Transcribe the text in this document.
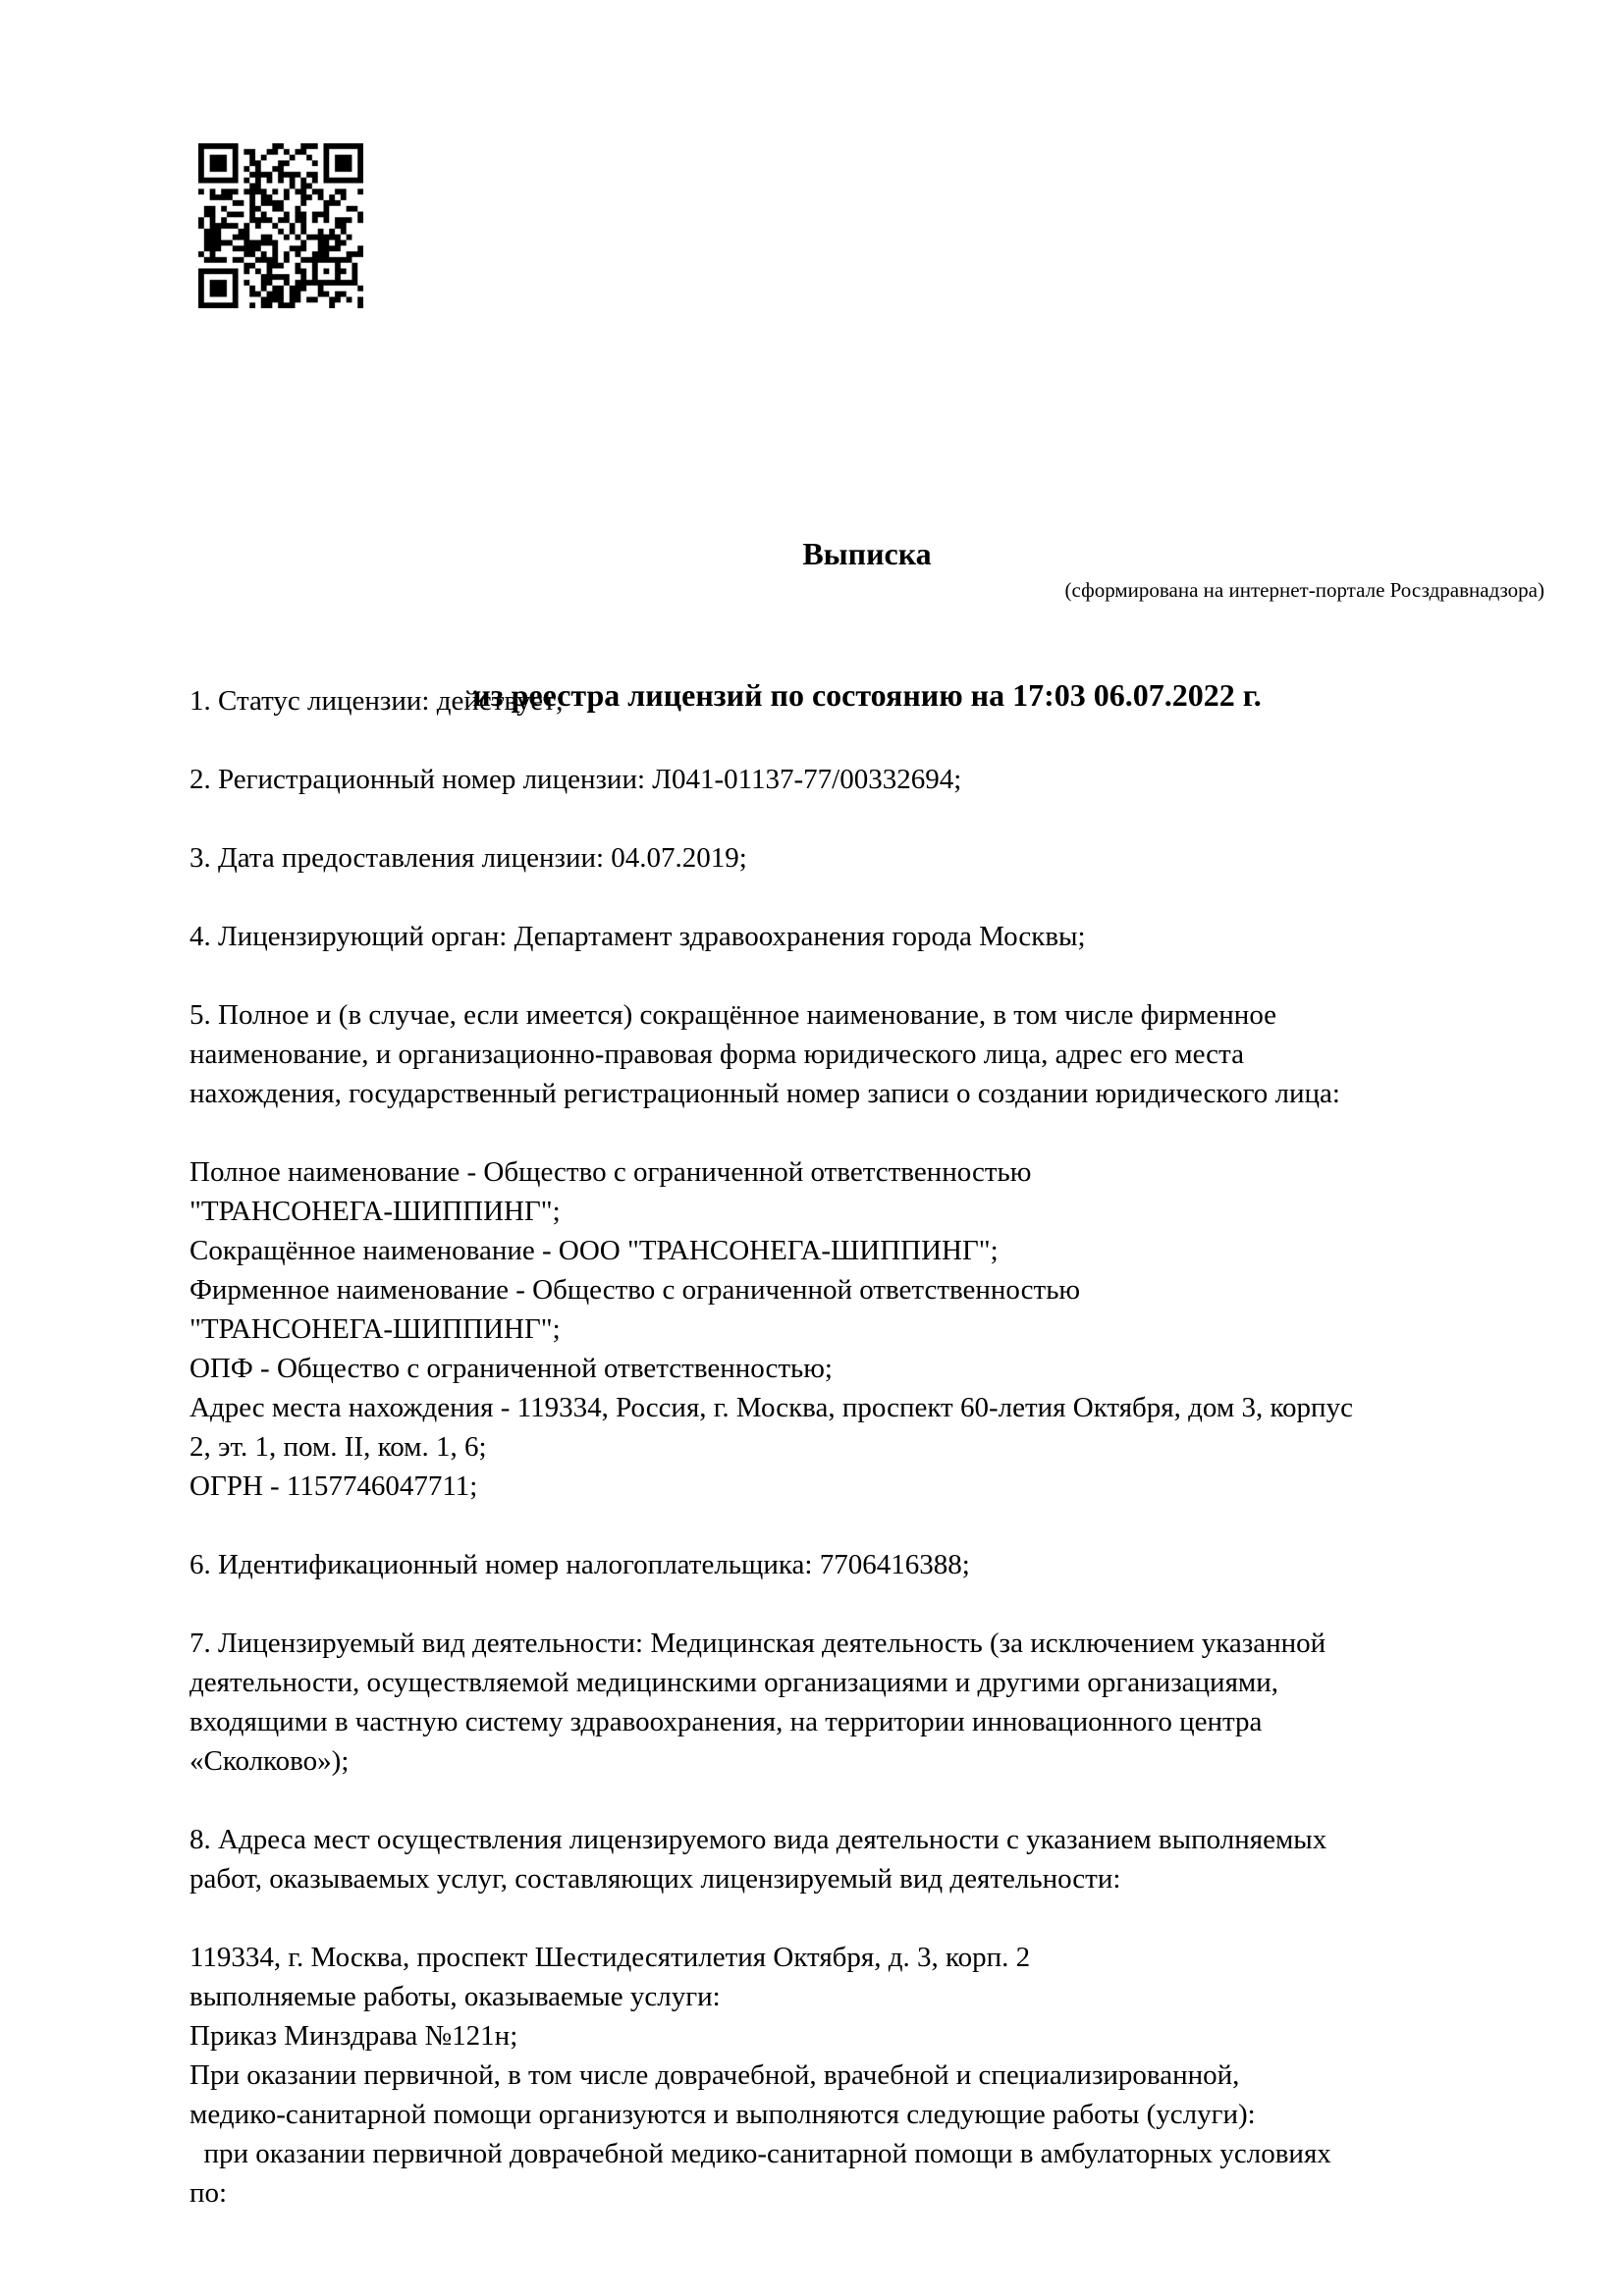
Выписка

из реестра лицензий по состоянию на 17:03 06.07.2022 г.

(сформирована на интернет-портале Росздравнадзора)
1. Статус лицензии: действует;
2. Регистрационный номер лицензии: Л041-01137-77/00332694;
3. Дата предоставления лицензии: 04.07.2019;
4. Лицензирующий орган: Департамент здравоохранения города Москвы;
5. Полное и (в случае, если имеется) сокращённое наименование, в том числе фирменное
наименование, и организационно-правовая форма юридического лица, адрес его места
нахождения, государственный регистрационный номер записи о создании юридического лица:
Полное наименование - Общество с ограниченной ответственностью
"ТРАНСОНЕГА-ШИППИНГ";
Сокращённое наименование - ООО "ТРАНСОНЕГА-ШИППИНГ";
Фирменное наименование - Общество с ограниченной ответственностью
"ТРАНСОНЕГА-ШИППИНГ";
ОПФ - Общество с ограниченной ответственностью;
Адрес места нахождения - 119334, Россия, г. Москва, проспект 60-летия Октября, дом 3, корпус
2, эт. 1, пом. II, ком. 1, 6;
ОГРН - 1157746047711;
6. Идентификационный номер налогоплательщика: 7706416388;
7. Лицензируемый вид деятельности: Медицинская деятельность (за исключением указанной
деятельности, осуществляемой медицинскими организациями и другими организациями,
входящими в частную систему здравоохранения, на территории инновационного центра
«Сколково»);
8. Адреса мест осуществления лицензируемого вида деятельности с указанием выполняемых
работ, оказываемых услуг, составляющих лицензируемый вид деятельности:
119334, г. Москва, проспект Шестидесятилетия Октября, д. 3, корп. 2
выполняемые работы, оказываемые услуги:
Приказ Минздрава №121н;
При оказании первичной, в том числе доврачебной, врачебной и специализированной,
медико-санитарной помощи организуются и выполняются следующие работы (услуги):
при оказании первичной доврачебной медико-санитарной помощи в амбулаторных условиях
по:
